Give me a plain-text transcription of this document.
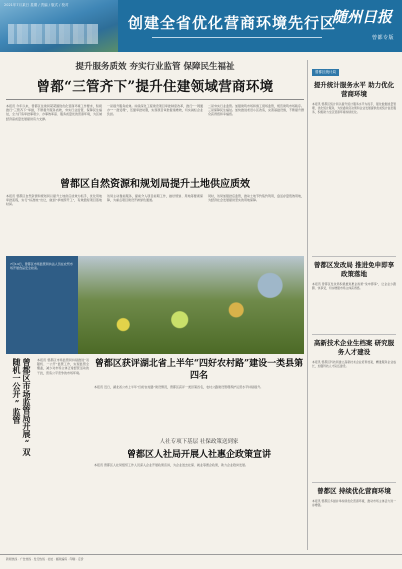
2021年7月某日 星期 / 责编 / 版式 / 校对
创建全省优化营商环境先行区
随州日报
曾都专版
提升服务质效 夯实行业监管 保障民生福祉
曾都“三管齐下”提升住建领域营商环境
本报讯 今年以来，曾都区住建局紧紧围绕优化营商环境工作要求，积极推行“三管齐下”举措，不断提升服务质效，夯实行业监管，保障民生福祉，全力打造审批事项少、办事效率高、服务质量优的营商环境，为区域经济高质量发展提供有力支撑。
一是提升服务质效。持续深化工程建设项目审批制度改革，推行“一网通办”“一窗受理”，压缩审批时限，实现项目审批提速增效，切实减轻企业负担。
二是夯实行业监管。加强建筑市场和施工现场监管，规范建筑市场秩序。三是保障民生福祉。加快推进老旧小区改造，完善基础设施，不断提升群众获得感和幸福感。
曾都区自然资源和规划局提升土地供应质效
本报讯 曾都区自然资源和规划局以提升土地供应质效为抓手，优化用地审批流程，实行“标准地”出让，做到“拿地即开工”，有效缩短项目落地时间。
该局主动靠前服务，提前介入项目前期工作，做好规划、用地等要素保障，为重点项目建设开辟绿色通道。
同时，该局加强批后监管，推动土地节约集约利用，盘活存量低效用地，为经济社会发展提供坚实的用地保障。
7月14日，曾都区市场监管局执法人员在农贸市场开展食品安全检查。
曾都区市场监管局开展“双随机一公开”监管	本报讯 曾都区市场监管局持续推进“双随机、一公开”监管工作，实现监管全覆盖，减少对市场主体正常经营活动的干扰，营造公平竞争的市场环境。
曾都区获评湖北省上半年“四好农村路”建设一类县第四名
本报讯 近日，湖北省公布上半年“四好农村路”建设情况，曾都区获评一类县第四名，农村公路建设管理养护运营水平持续提升。
人社专项下基层 社保政策送到家
曾都区人社局开展人社惠企政策宣讲
本报讯 曾都区人社局组织工作人员深入企业开展政策宣讲，为企业送去社保、就业等惠企政策，助力企业稳岗发展。
曾都区统计局
提升统计服务水平 助力优化营商环境
本报讯 曾都区统计局以提升统计服务水平为抓手，强化数据质量管理，优化统计服务，为党委政府决策和企业发展提供优质统计信息服务，积极助力全区营商环境持续优化。
曾都区发改局 推进免申即享政策落地
本报讯 曾都区发改局积极推进惠企政策“免申即享”，让企业少跑腿、快享受，切实增强市场主体获得感。
高新技术企业生档案 研究服务人才建设
本报讯 曾都区科技局建立高新技术企业培育档案，精准服务企业成长，加强科技人才队伍建设。
曾都区 持续优化营商环境
本报讯 曾都区多措并举持续优化营商环境，推动市场主体活力进一步增强。
新闻热线 · 广告热线 · 发行热线 · 社址 · 邮政编码 · 印刷 · 定价
